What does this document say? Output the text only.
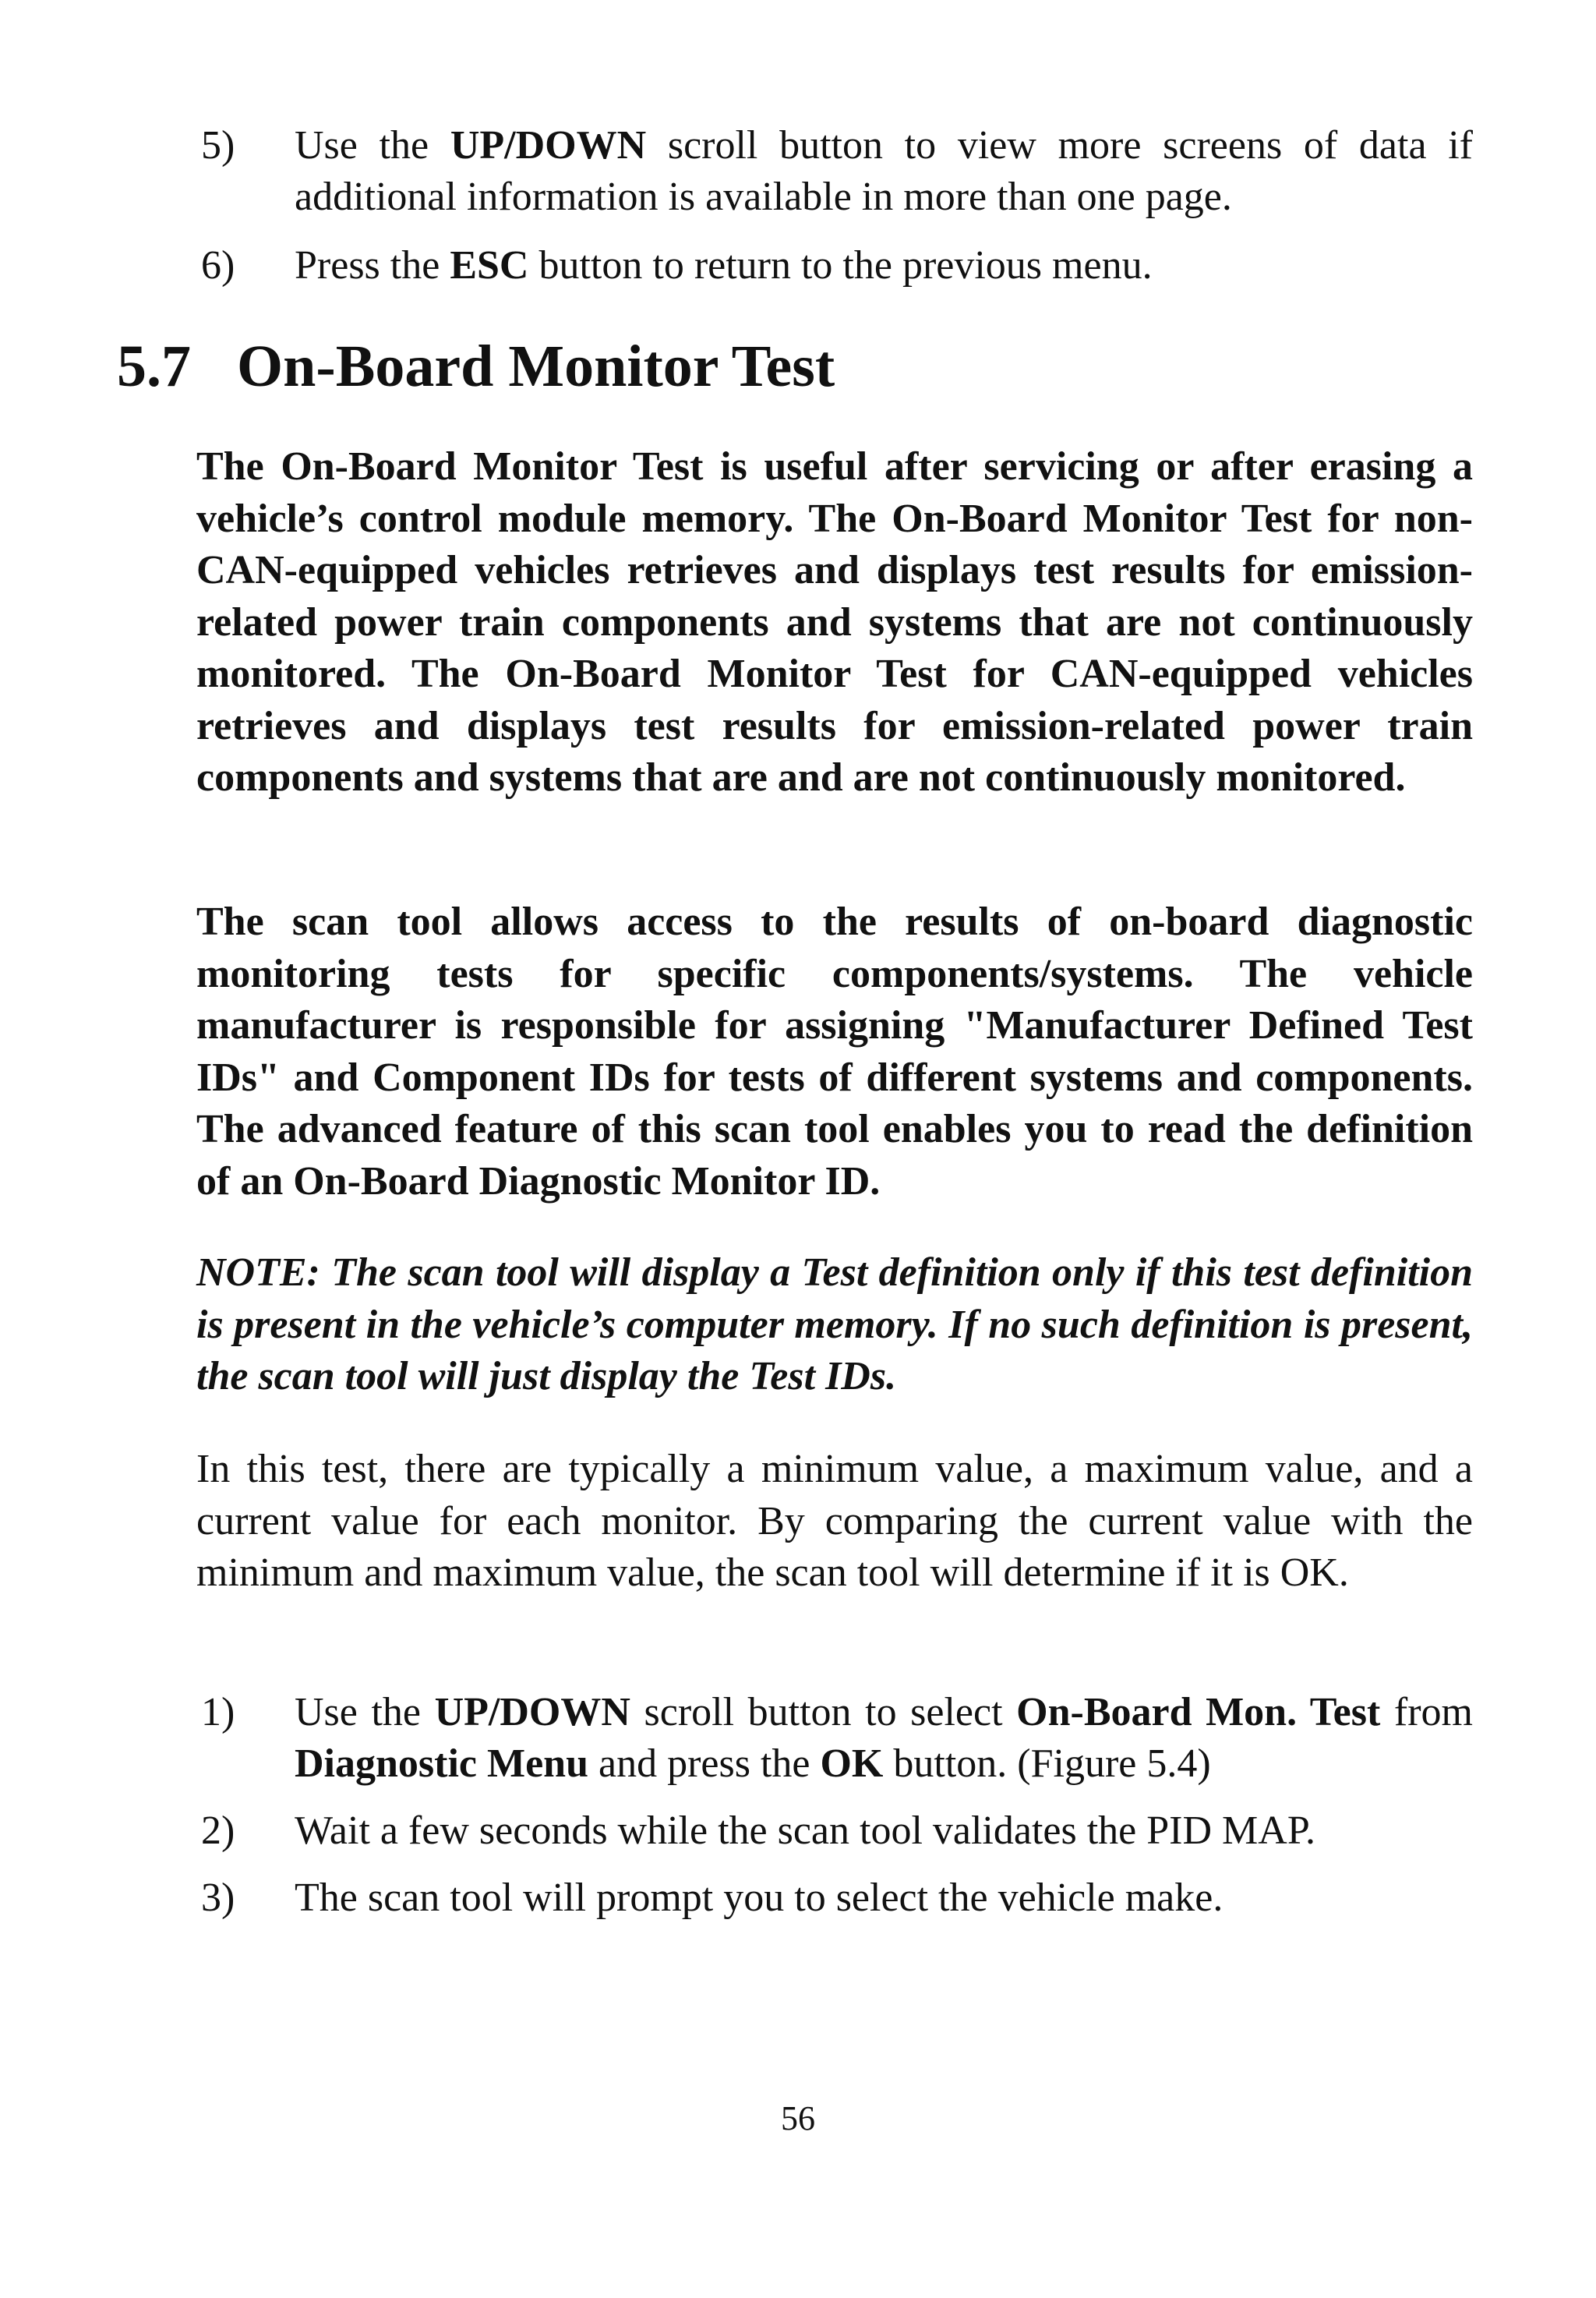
5) Use the UP/DOWN scroll button to view more screens of data if additional information is available in more than one page.
6) Press the ESC button to return to the previous menu.
5.7 On-Board Monitor Test

The On-Board Monitor Test is useful after servicing or after erasing a vehicle’s control module memory. The On-Board Monitor Test for non-CAN-equipped vehicles retrieves and displays test results for emission-related power train components and systems that are not continuously monitored. The On-Board Monitor Test for CAN-equipped vehicles retrieves and displays test results for emission-related power train components and systems that are and are not continuously monitored.

The scan tool allows access to the results of on-board diagnostic monitoring tests for specific components/systems. The vehicle manufacturer is responsible for assigning "Manufacturer Defined Test IDs" and Component IDs for tests of different systems and components. The advanced feature of this scan tool enables you to read the definition of an On-Board Diagnostic Monitor ID.

NOTE: The scan tool will display a Test definition only if this test definition is present in the vehicle’s computer memory. If no such definition is present, the scan tool will just display the Test IDs.

In this test, there are typically a minimum value, a maximum value, and a current value for each monitor. By comparing the current value with the minimum and maximum value, the scan tool will determine if it is OK.

1) Use the UP/DOWN scroll button to select On-Board Mon. Test from Diagnostic Menu and press the OK button. (Figure 5.4)
2) Wait a few seconds while the scan tool validates the PID MAP.
3) The scan tool will prompt you to select the vehicle make.
56
